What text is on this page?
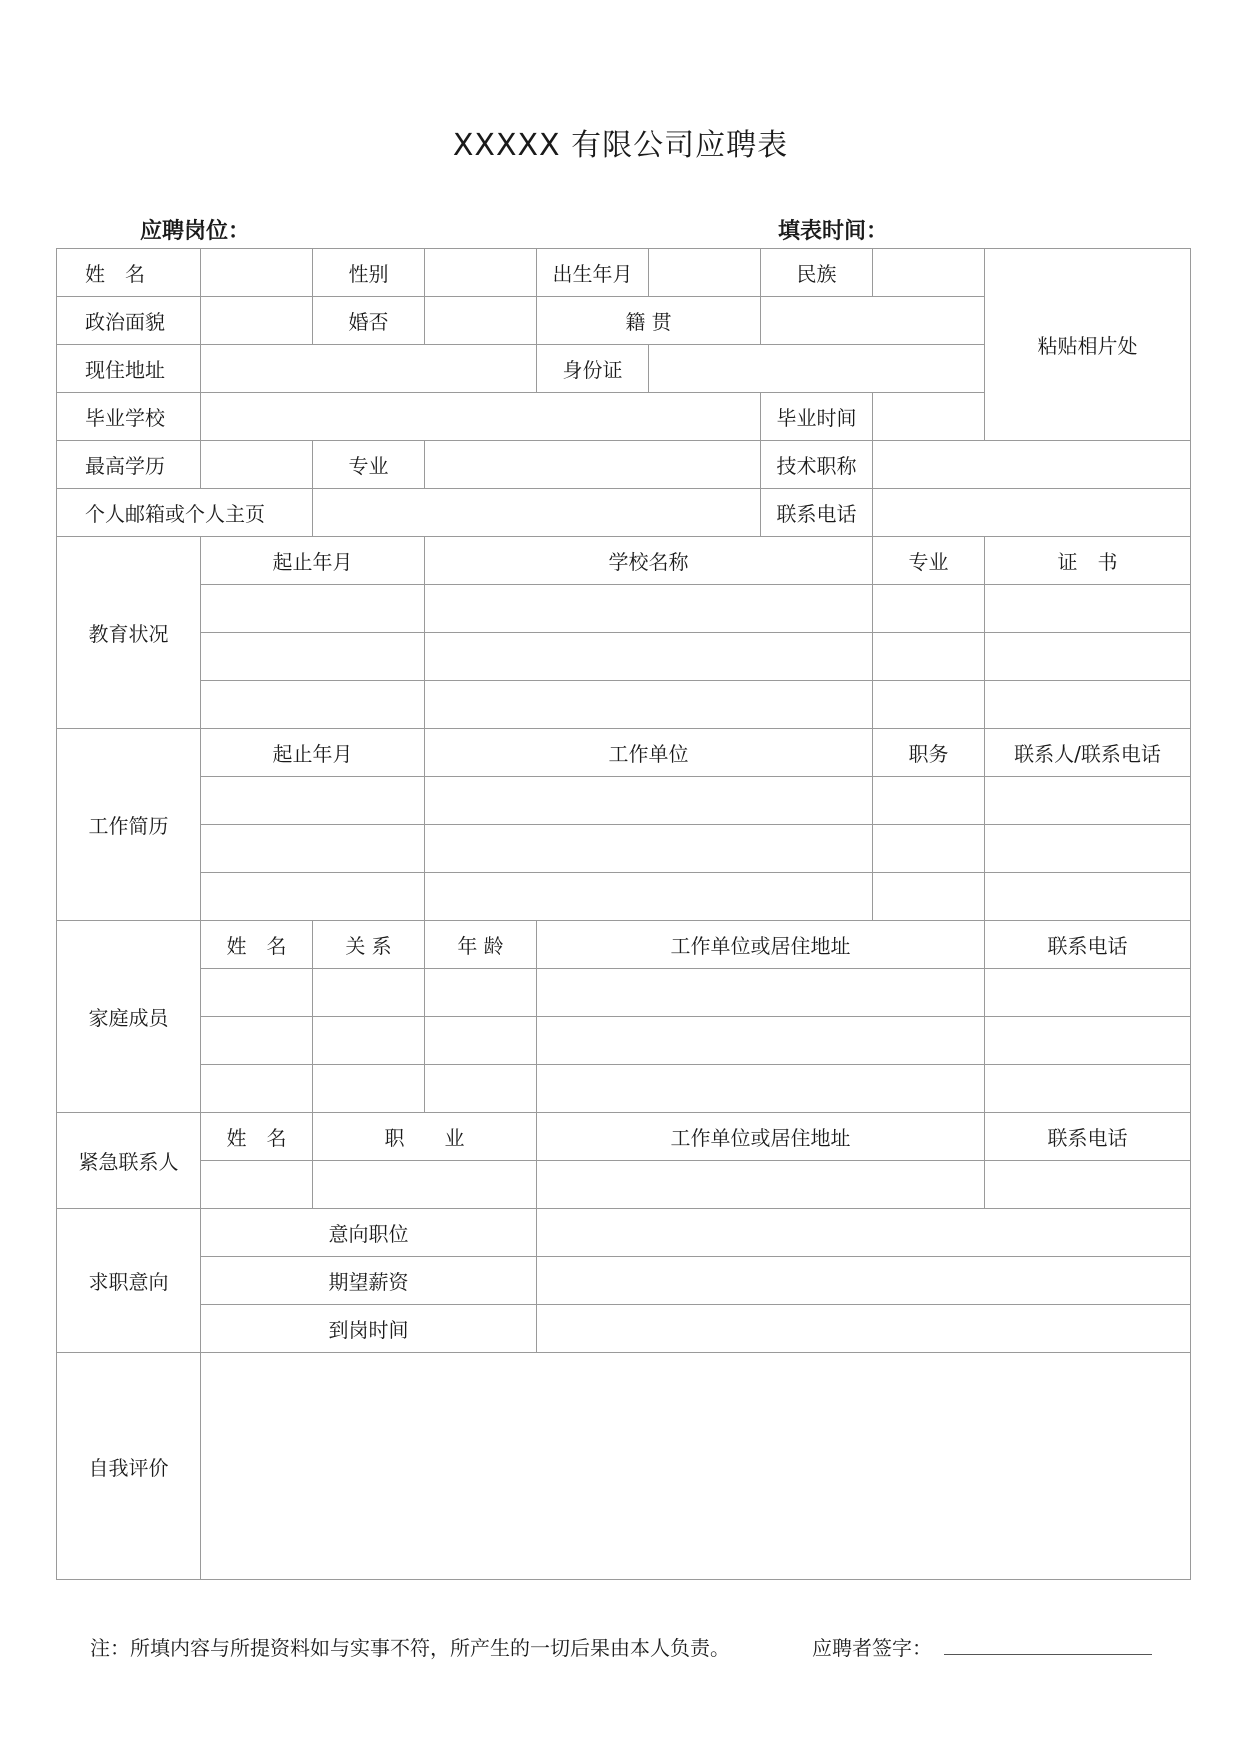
XXXXX 有限公司应聘表
应聘岗位：	填表时间：
姓　名		性别		出生年月		民族		粘贴相片处
政治面貌		婚否		籍 贯				
现住地址				身份证				
毕业学校						毕业时间		
最高学历		专业				技术职称		
个人邮箱或个人主页						联系电话		
教育状况	起止年月		学校名称				专业	证　书

工作简历	起止年月		工作单位				职务	联系人/联系电话

家庭成员	姓　名	关 系	年 龄	工作单位或居住地址				联系电话

紧急联系人	姓　名	职　　业		工作单位或居住地址				联系电话

求职意向	意向职位							
	期望薪资							
	到岗时间							
自我评价								
注：所填内容与所提资料如与实事不符，所产生的一切后果由本人负责。	应聘者签字：
